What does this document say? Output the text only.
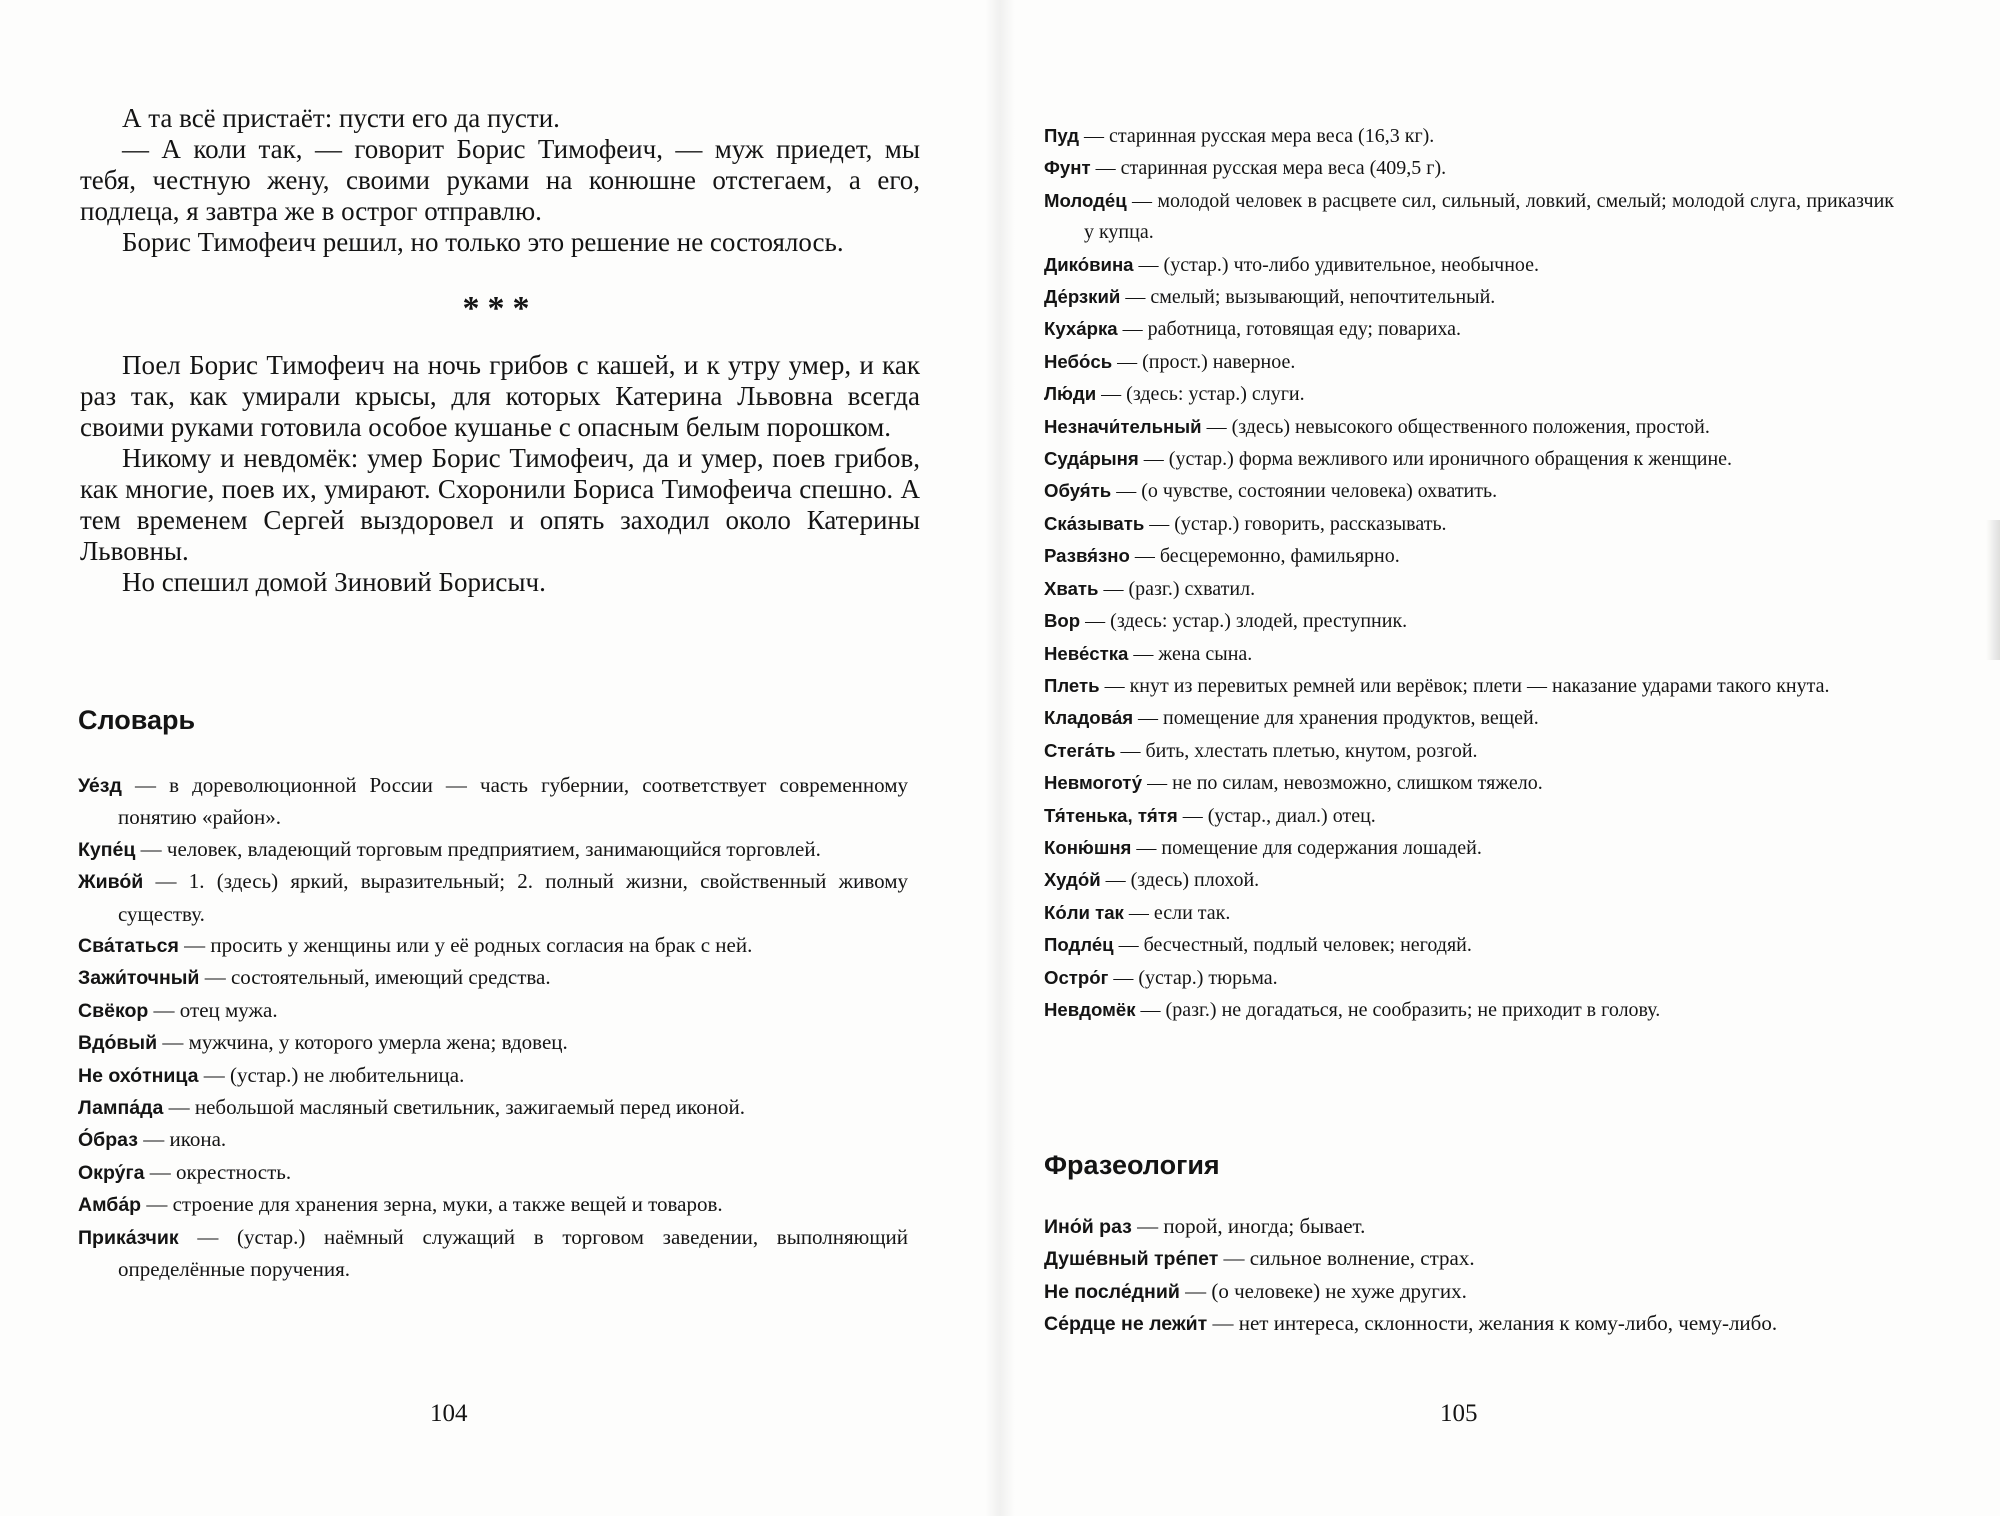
А та всё пристаёт: пусти его да пусти.

— А коли так, — говорит Борис Тимофеич, — муж приедет, мы тебя, честную жену, своими руками на конюшне отстегаем, а его, подлеца, я завтра же в острог отправлю.

Борис Тимофеич решил, но только это решение не состоялось.

***

Поел Борис Тимофеич на ночь грибов с кашей, и к утру умер, и как раз так, как умирали крысы, для которых Катерина Львовна всегда своими руками готовила особое кушанье с опасным белым порошком.

Никому и невдомёк: умер Борис Тимофеич, да и умер, поев грибов, как многие, поев их, умирают. Схоронили Бориса Тимофеича спешно. А тем временем Сергей выздоровел и опять заходил около Катерины Львовны.

Но спешил домой Зиновий Борисыч.

Словарь

Уе́зд — в дореволюционной России — часть губернии, соответствует современному понятию «район».

Купе́ц — человек, владеющий торговым предприятием, занимающийся торговлей.

Живо́й — 1. (здесь) яркий, выразительный; 2. полный жизни, свойственный живому существу.

Сва́таться — просить у женщины или у её родных согласия на брак с ней.

Зажи́точный — состоятельный, имеющий средства.

Свёкор — отец мужа.

Вдо́вый — мужчина, у которого умерла жена; вдовец.

Не охо́тница — (устар.) не любительница.

Лампа́да — небольшой масляный светильник, зажигаемый перед иконой.

О́браз — икона.

Окру́га — окрестность.

Амба́р — строение для хранения зерна, муки, а также вещей и товаров.

Прика́зчик — (устар.) наёмный служащий в торговом заведении, выполняющий определённые поручения.

104

Пуд — старинная русская мера веса (16,3 кг).

Фунт — старинная русская мера веса (409,5 г).

Молоде́ц — молодой человек в расцвете сил, сильный, ловкий, смелый; молодой слуга, приказчик у купца.

Дико́вина — (устар.) что-либо удивительное, необычное.

Де́рзкий — смелый; вызывающий, непочтительный.

Куха́рка — работница, готовящая еду; повариха.

Небо́сь — (прост.) наверное.

Лю́ди — (здесь: устар.) слуги.

Незначи́тельный — (здесь) невысокого общественного положения, простой.

Суда́рыня — (устар.) форма вежливого или ироничного обращения к женщине.

Обуя́ть — (о чувстве, состоянии человека) охватить.

Ска́зывать — (устар.) говорить, рассказывать.

Развя́зно — бесцеремонно, фамильярно.

Хвать — (разг.) схватил.

Вор — (здесь: устар.) злодей, преступник.

Неве́стка — жена сына.

Плеть — кнут из перевитых ремней или верёвок; плети — наказание ударами такого кнута.

Кладова́я — помещение для хранения продуктов, вещей.

Стега́ть — бить, хлестать плетью, кнутом, розгой.

Невмоготу́ — не по силам, невозможно, слишком тяжело.

Тя́тенька, тя́тя — (устар., диал.) отец.

Коню́шня — помещение для содержания лошадей.

Худо́й — (здесь) плохой.

Ко́ли так — если так.

Подле́ц — бесчестный, подлый человек; негодяй.

Остро́г — (устар.) тюрьма.

Невдомёк — (разг.) не догадаться, не сообразить; не приходит в голову.

Фразеология

Ино́й раз — порой, иногда; бывает.

Душе́вный тре́пет — сильное волнение, страх.

Не после́дний — (о человеке) не хуже других.

Се́рдце не лежи́т — нет интереса, склонности, желания к кому-либо, чему-либо.

105
